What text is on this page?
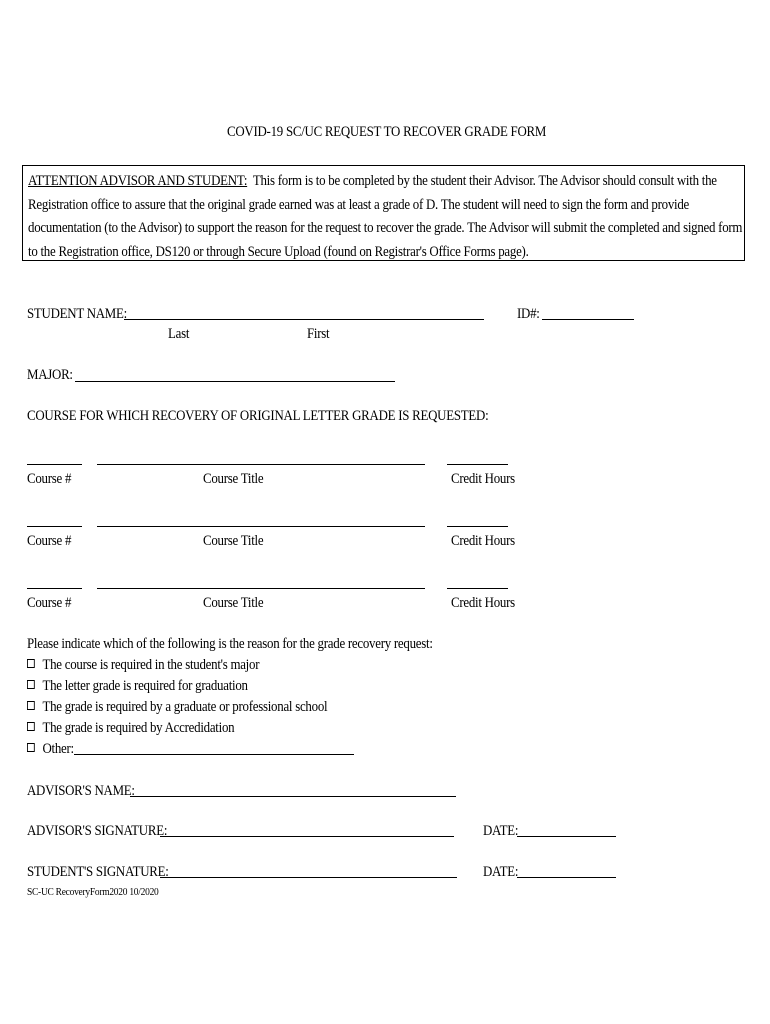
COVID-19 SC/UC REQUEST TO RECOVER GRADE FORM
ATTENTION ADVISOR AND STUDENT: This form is to be completed by the student their Advisor. The Advisor should consult with the Registration office to assure that the original grade earned was at least a grade of D. The student will need to sign the form and provide documentation (to the Advisor) to support the reason for the request to recover the grade. The Advisor will submit the completed and signed form to the Registration office, DS120 or through Secure Upload (found on Registrar's Office Forms page).
STUDENT NAME:
Last	First
ID#:
MAJOR:
COURSE FOR WHICH RECOVERY OF ORIGINAL LETTER GRADE IS REQUESTED:
Course #	Course Title	Credit Hours
Course #	Course Title	Credit Hours
Course #	Course Title	Credit Hours
Please indicate which of the following is the reason for the grade recovery request:
The course is required in the student's major
The letter grade is required for graduation
The grade is required by a graduate or professional school
The grade is required by Accredidation
Other:
ADVISOR'S NAME:
ADVISOR'S SIGNATURE:	DATE:
STUDENT'S SIGNATURE:	DATE:
SC-UC RecoveryForm2020 10/2020
